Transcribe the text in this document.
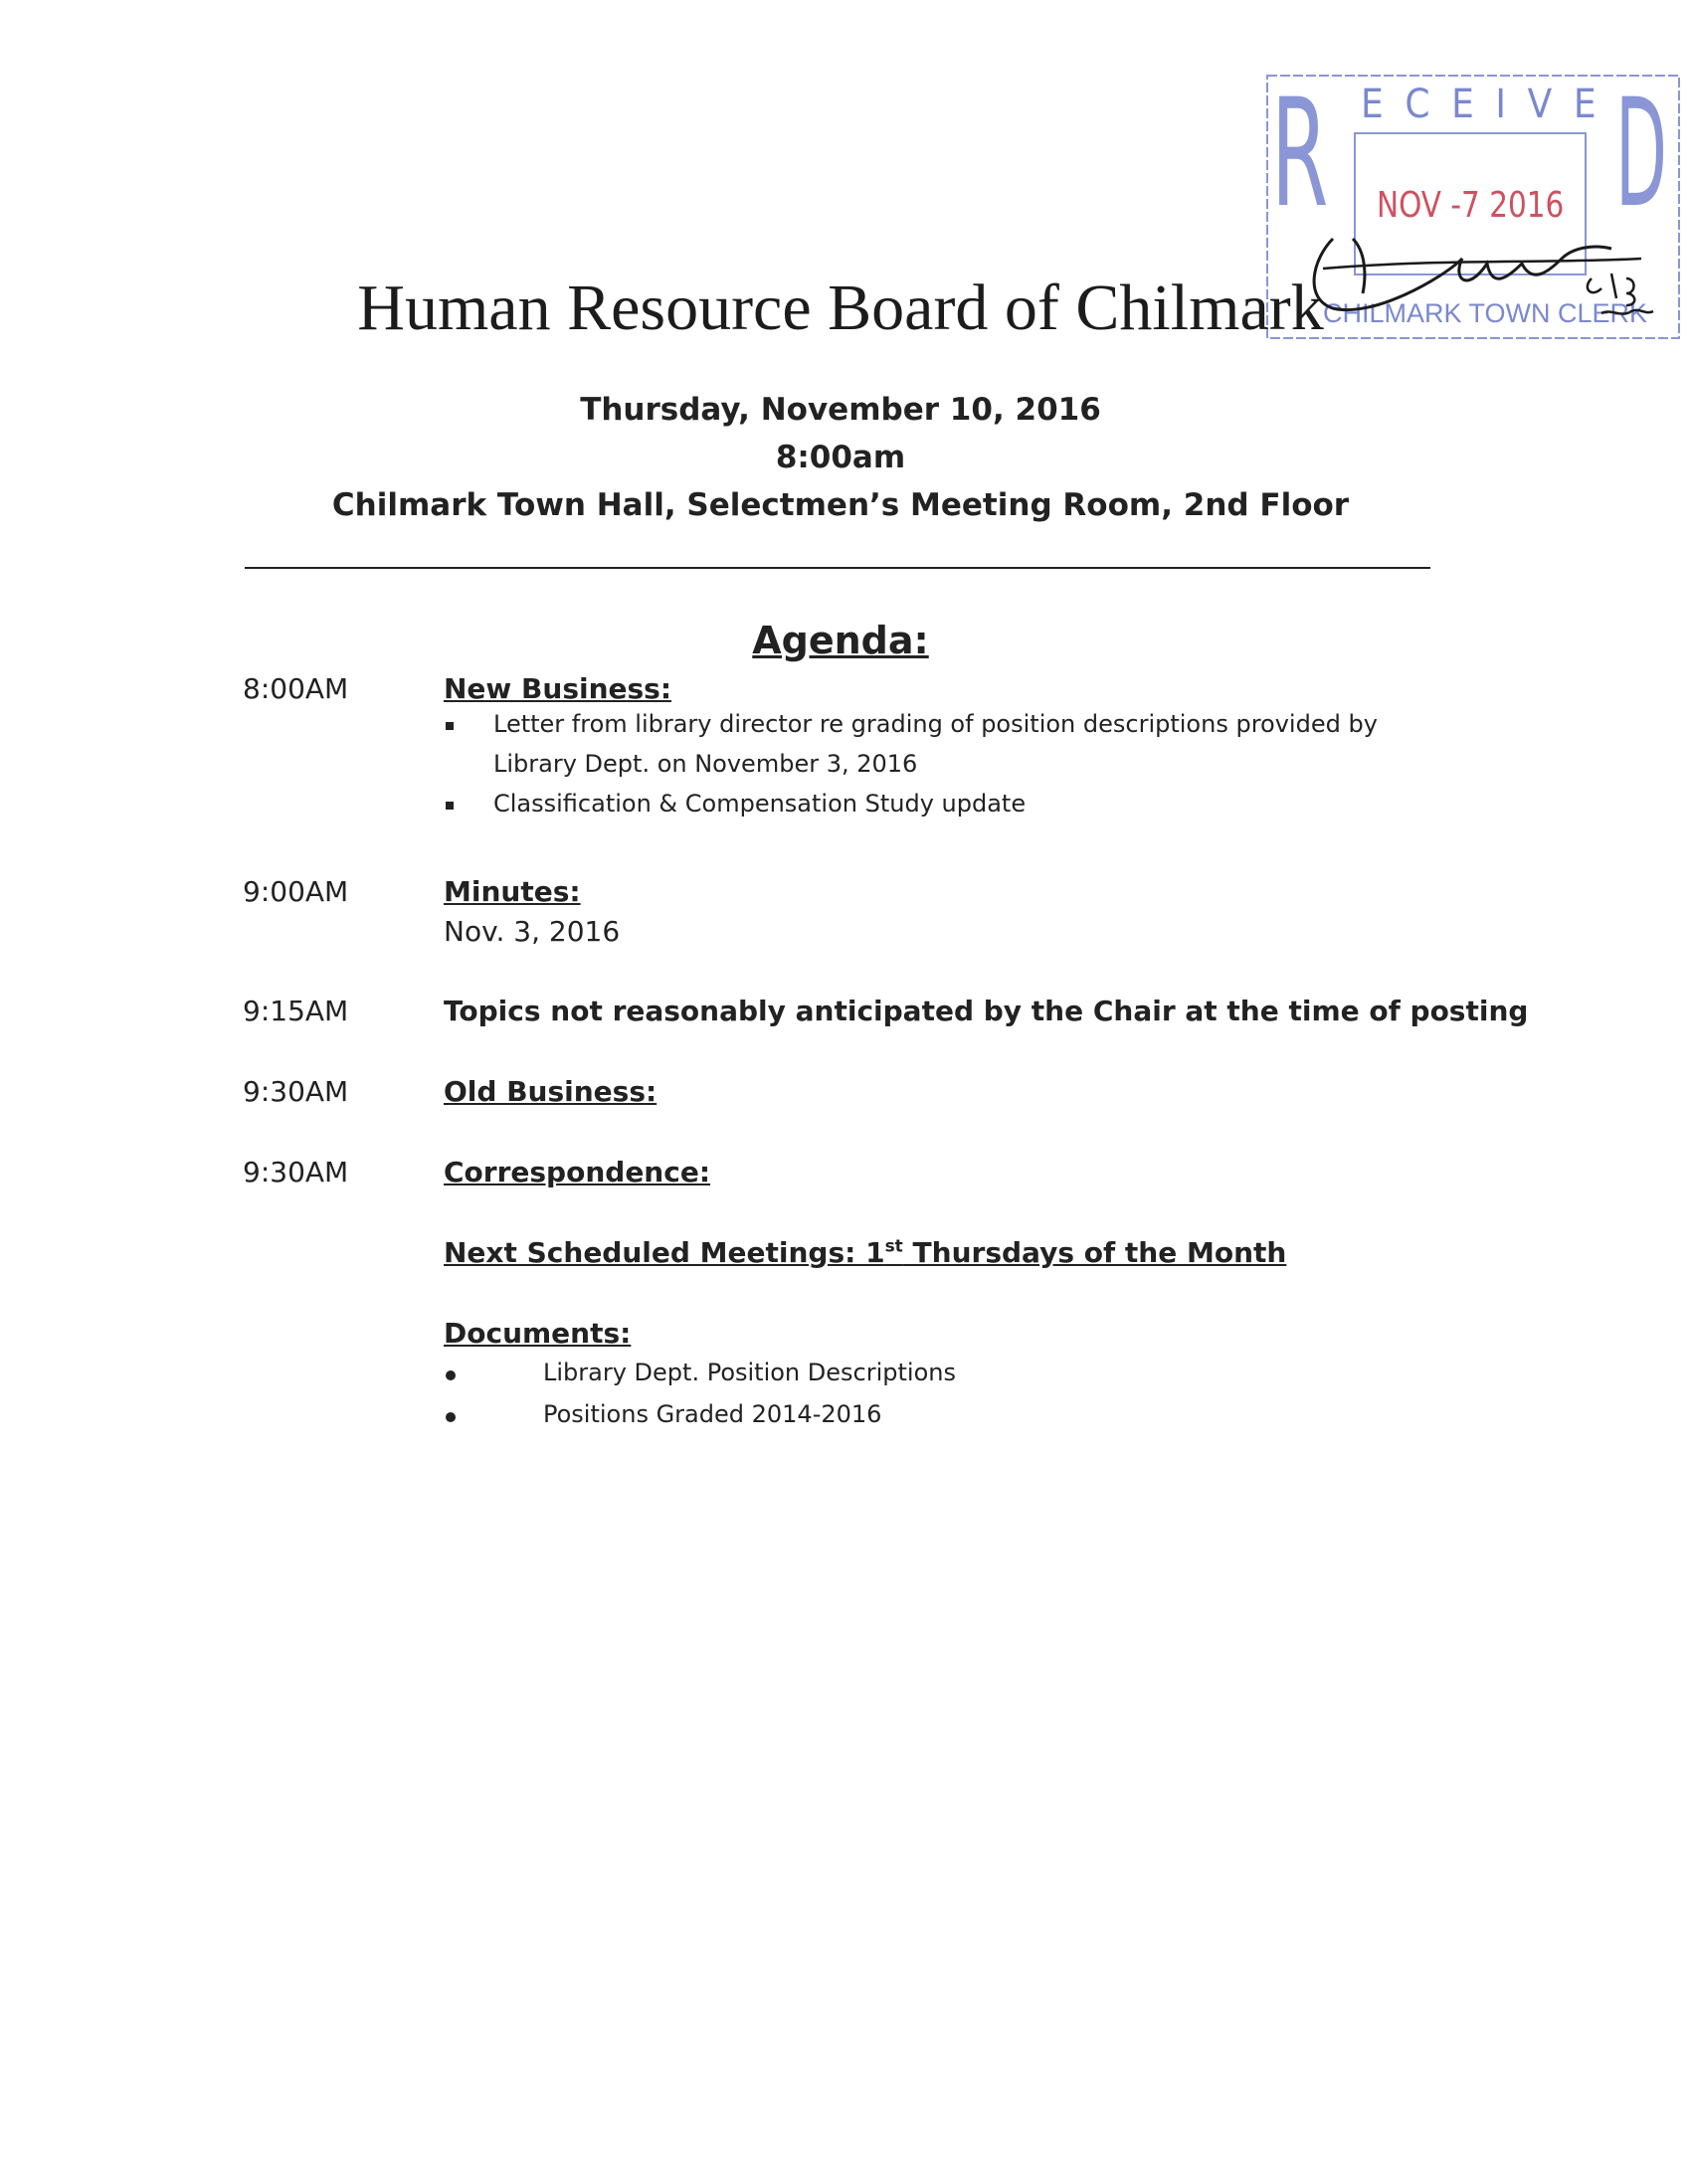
R ECEIVE
D
NOV -7 2016
CHILMARK TOWN CLERK
Human Resource Board of Chilmark
Thursday, November 10, 2016
8:00am
Chilmark Town Hall, Selectmen’s Meeting Room, 2nd Floor
Agenda:
8:00AM	New Business:
Letter from library director re grading of position descriptions provided by
Library Dept. on November 3, 2016
Classification & Compensation Study update
9:00AM	Minutes:
Nov. 3, 2016
9:15AM	Topics not reasonably anticipated by the Chair at the time of posting
9:30AM	Old Business:
9:30AM	Correspondence:
Next Scheduled Meetings: 1st Thursdays of the Month
Documents:
Library Dept. Position Descriptions
Positions Graded 2014-2016
